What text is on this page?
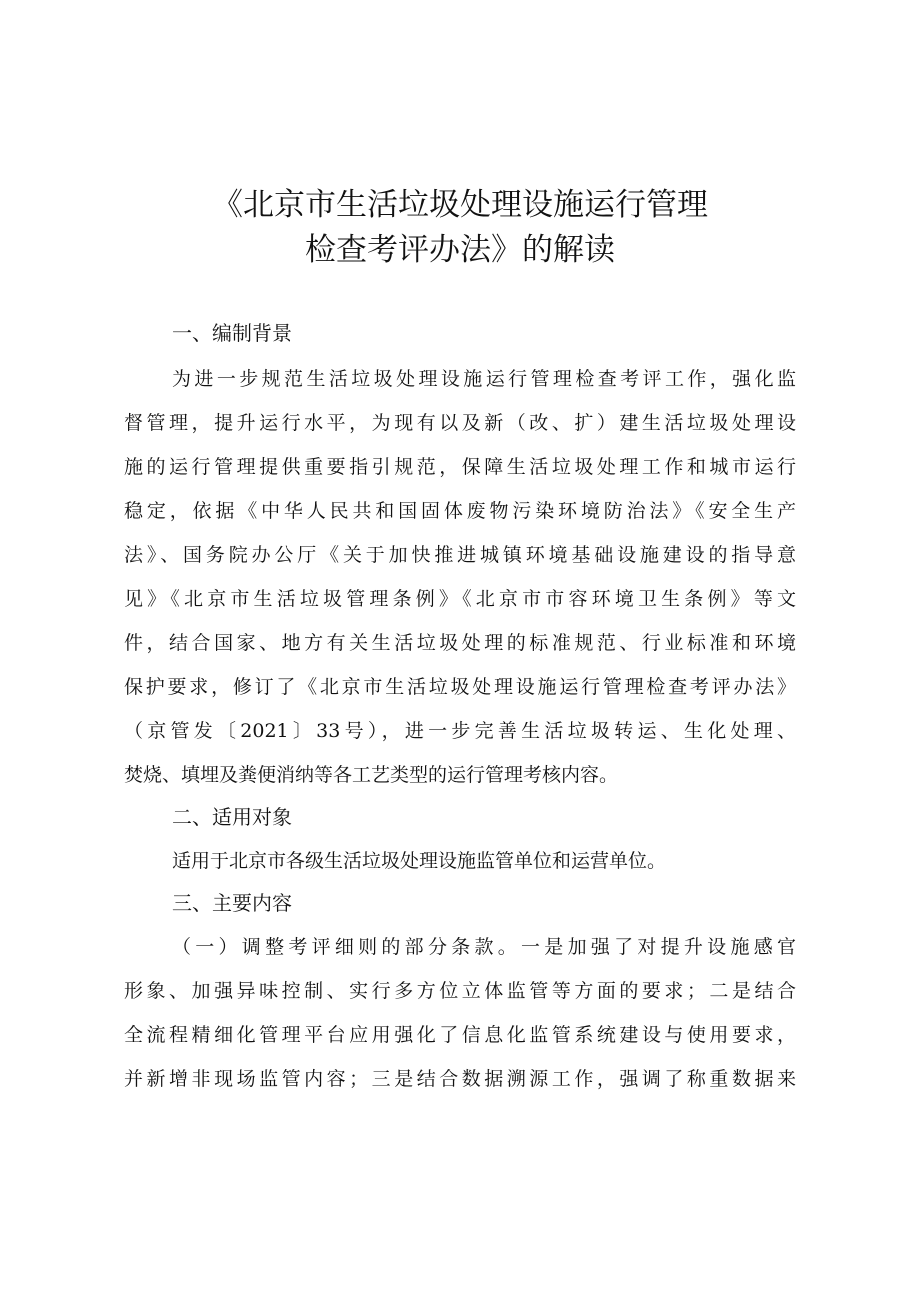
《北京市生活垃圾处理设施运行管理
检查考评办法》的解读
一、编制背景
为进一步规范生活垃圾处理设施运行管理检查考评工作，强化监
督管理，提升运行水平，为现有以及新（改、扩）建生活垃圾处理设
施的运行管理提供重要指引规范，保障生活垃圾处理工作和城市运行
稳定，依据《中华人民共和国固体废物污染环境防治法》《安全生产
法》、国务院办公厅《关于加快推进城镇环境基础设施建设的指导意
见》《北京市生活垃圾管理条例》《北京市市容环境卫生条例》等文
件，结合国家、地方有关生活垃圾处理的标准规范、行业标准和环境
保护要求，修订了《北京市生活垃圾处理设施运行管理检查考评办法》
（京管发〔2021〕33号），进一步完善生活垃圾转运、生化处理、
焚烧、填埋及粪便消纳等各工艺类型的运行管理考核内容。
二、适用对象
适用于北京市各级生活垃圾处理设施监管单位和运营单位。
三、主要内容
（一）调整考评细则的部分条款。一是加强了对提升设施感官
形象、加强异味控制、实行多方位立体监管等方面的要求；二是结合
全流程精细化管理平台应用强化了信息化监管系统建设与使用要求，
并新增非现场监管内容；三是结合数据溯源工作，强调了称重数据来
